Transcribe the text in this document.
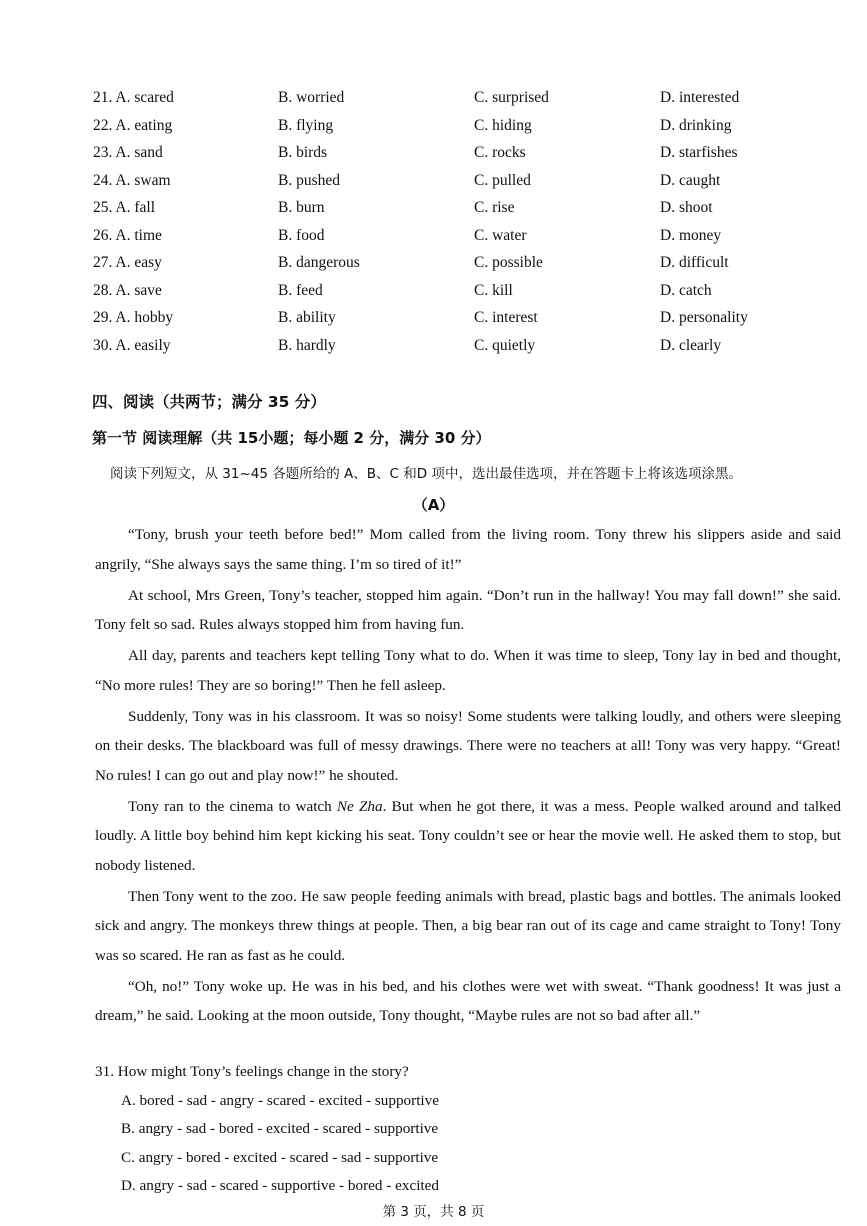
21. A. scared	B. worried	C. surprised	D. interested
22. A. eating	B. flying	C. hiding	D. drinking
23. A. sand	B. birds	C. rocks	D. starfishes
24. A. swam	B. pushed	C. pulled	D. caught
25. A. fall	B. burn	C. rise	D. shoot
26. A. time	B. food	C. water	D. money
27. A. easy	B. dangerous	C. possible	D. difficult
28. A. save	B. feed	C. kill	D. catch
29. A. hobby	B. ability	C. interest	D. personality
30. A. easily	B. hardly	C. quietly	D. clearly
四、阅读（共两节；满分 35 分）
第一节 阅读理解（共 15小题；每小题 2 分，满分 30 分）
阅读下列短文，从 31~45 各题所给的 A、B、C 和D 项中，选出最佳选项，并在答题卡上将该选项涂黑。
（A）

“Tony, brush your teeth before bed!” Mom called from the living room. Tony threw his slippers aside and said angrily, “She always says the same thing. I’m so tired of it!”

At school, Mrs Green, Tony’s teacher, stopped him again. “Don’t run in the hallway! You may fall down!” she said. Tony felt so sad. Rules always stopped him from having fun.

All day, parents and teachers kept telling Tony what to do. When it was time to sleep, Tony lay in bed and thought, “No more rules! They are so boring!” Then he fell asleep.

Suddenly, Tony was in his classroom. It was so noisy! Some students were talking loudly, and others were sleeping on their desks. The blackboard was full of messy drawings. There were no teachers at all! Tony was very happy. “Great! No rules! I can go out and play now!” he shouted.

Tony ran to the cinema to watch Ne Zha. But when he got there, it was a mess. People walked around and talked loudly. A little boy behind him kept kicking his seat. Tony couldn’t see or hear the movie well. He asked them to stop, but nobody listened.

Then Tony went to the zoo. He saw people feeding animals with bread, plastic bags and bottles. The animals looked sick and angry. The monkeys threw things at people. Then, a big bear ran out of its cage and came straight to Tony! Tony was so scared. He ran as fast as he could.

“Oh, no!” Tony woke up. He was in his bed, and his clothes were wet with sweat. “Thank goodness! It was just a dream,” he said. Looking at the moon outside, Tony thought, “Maybe rules are not so bad after all.”

31. How might Tony’s feelings change in the story?

A. bored - sad - angry - scared - excited - supportive

B. angry - sad - bored - excited - scared - supportive

C. angry - bored - excited - scared - sad - supportive

D. angry - sad - scared - supportive - bored - excited

第 3 页，共 8 页
